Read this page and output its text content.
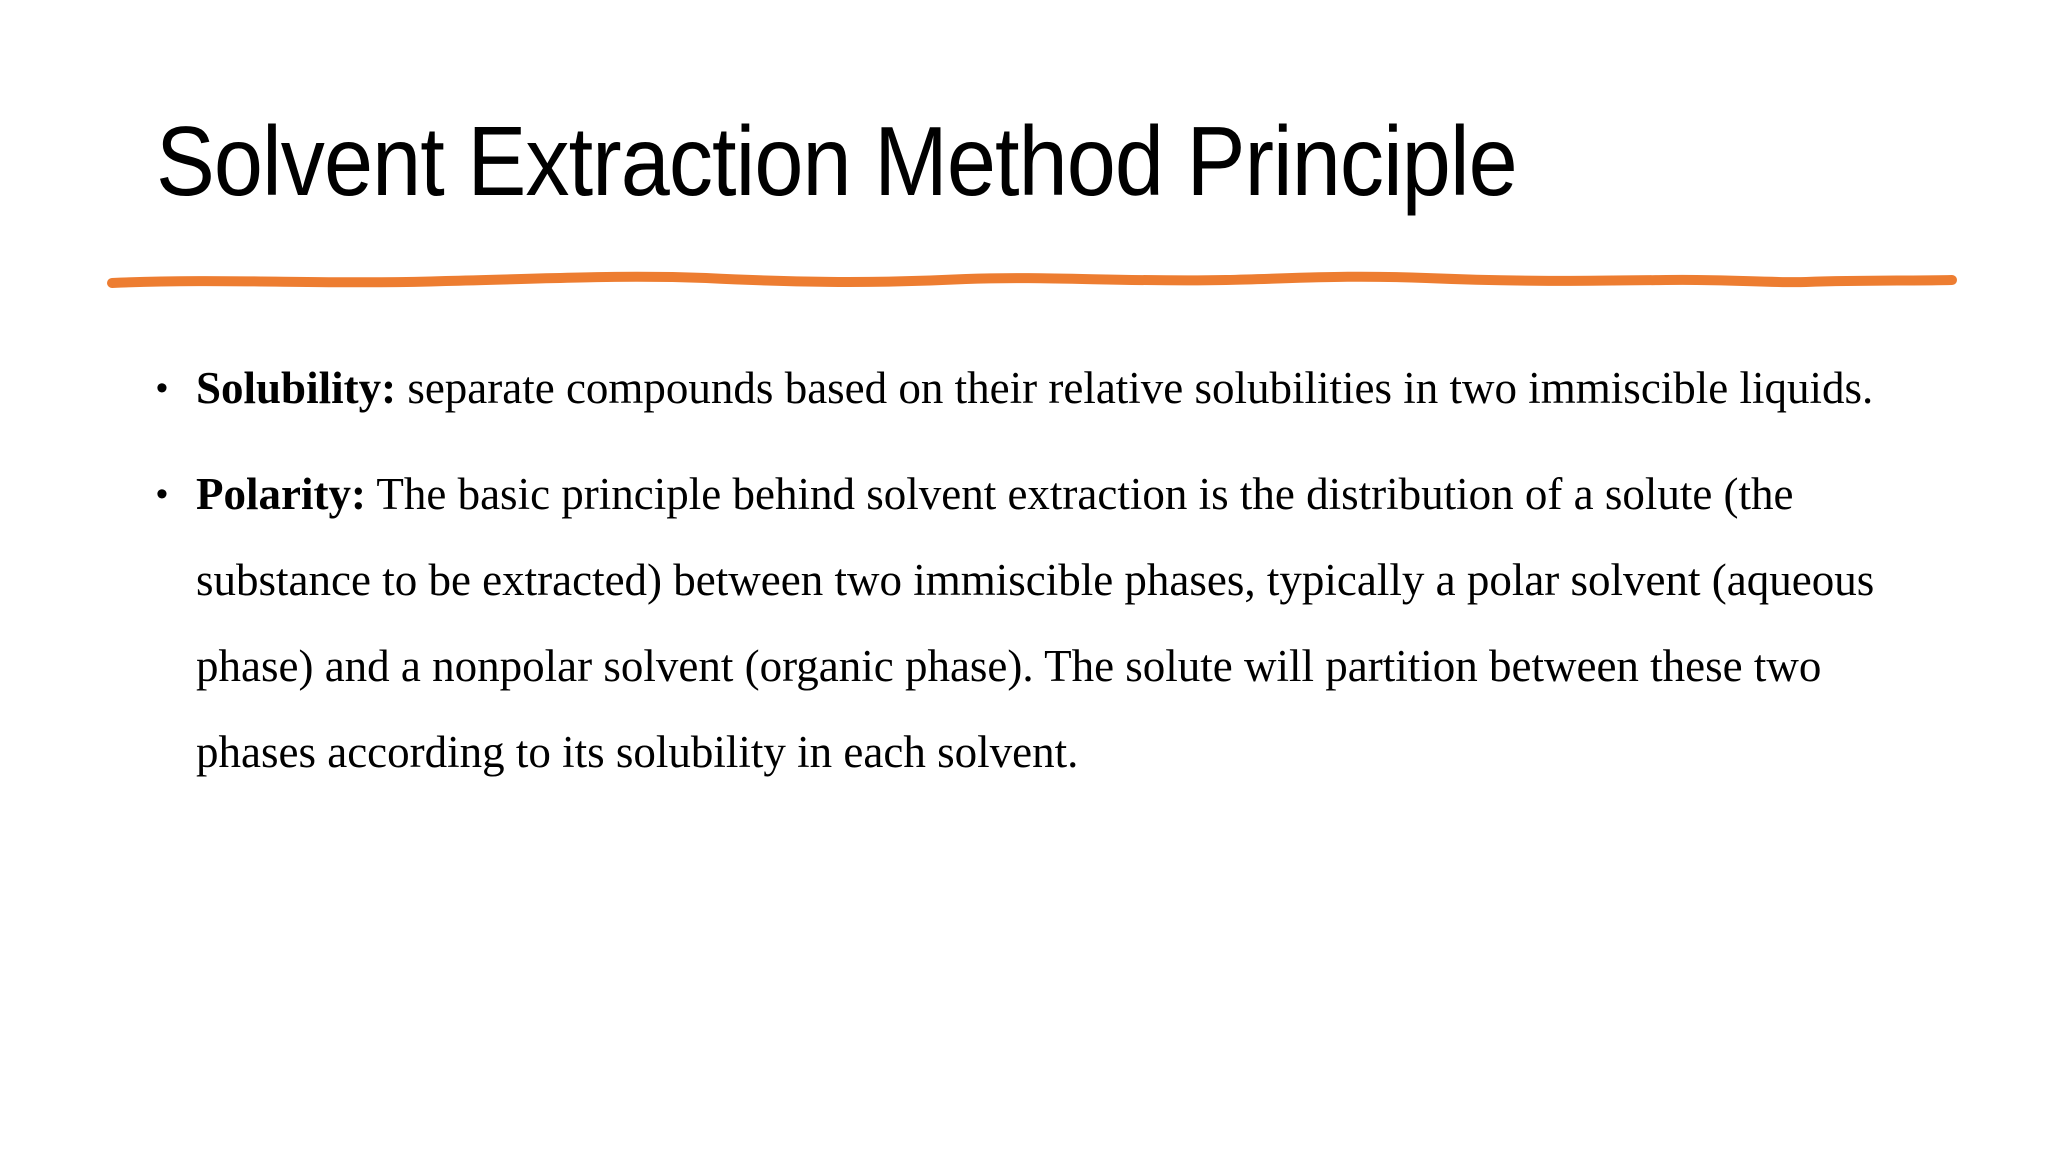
Solvent Extraction Method Principle

• Solubility: separate compounds based on their relative solubilities in two immiscible liquids.

• Polarity: The basic principle behind solvent extraction is the distribution of a solute (the substance to be extracted) between two immiscible phases, typically a polar solvent (aqueous phase) and a nonpolar solvent (organic phase). The solute will partition between these two phases according to its solubility in each solvent.
